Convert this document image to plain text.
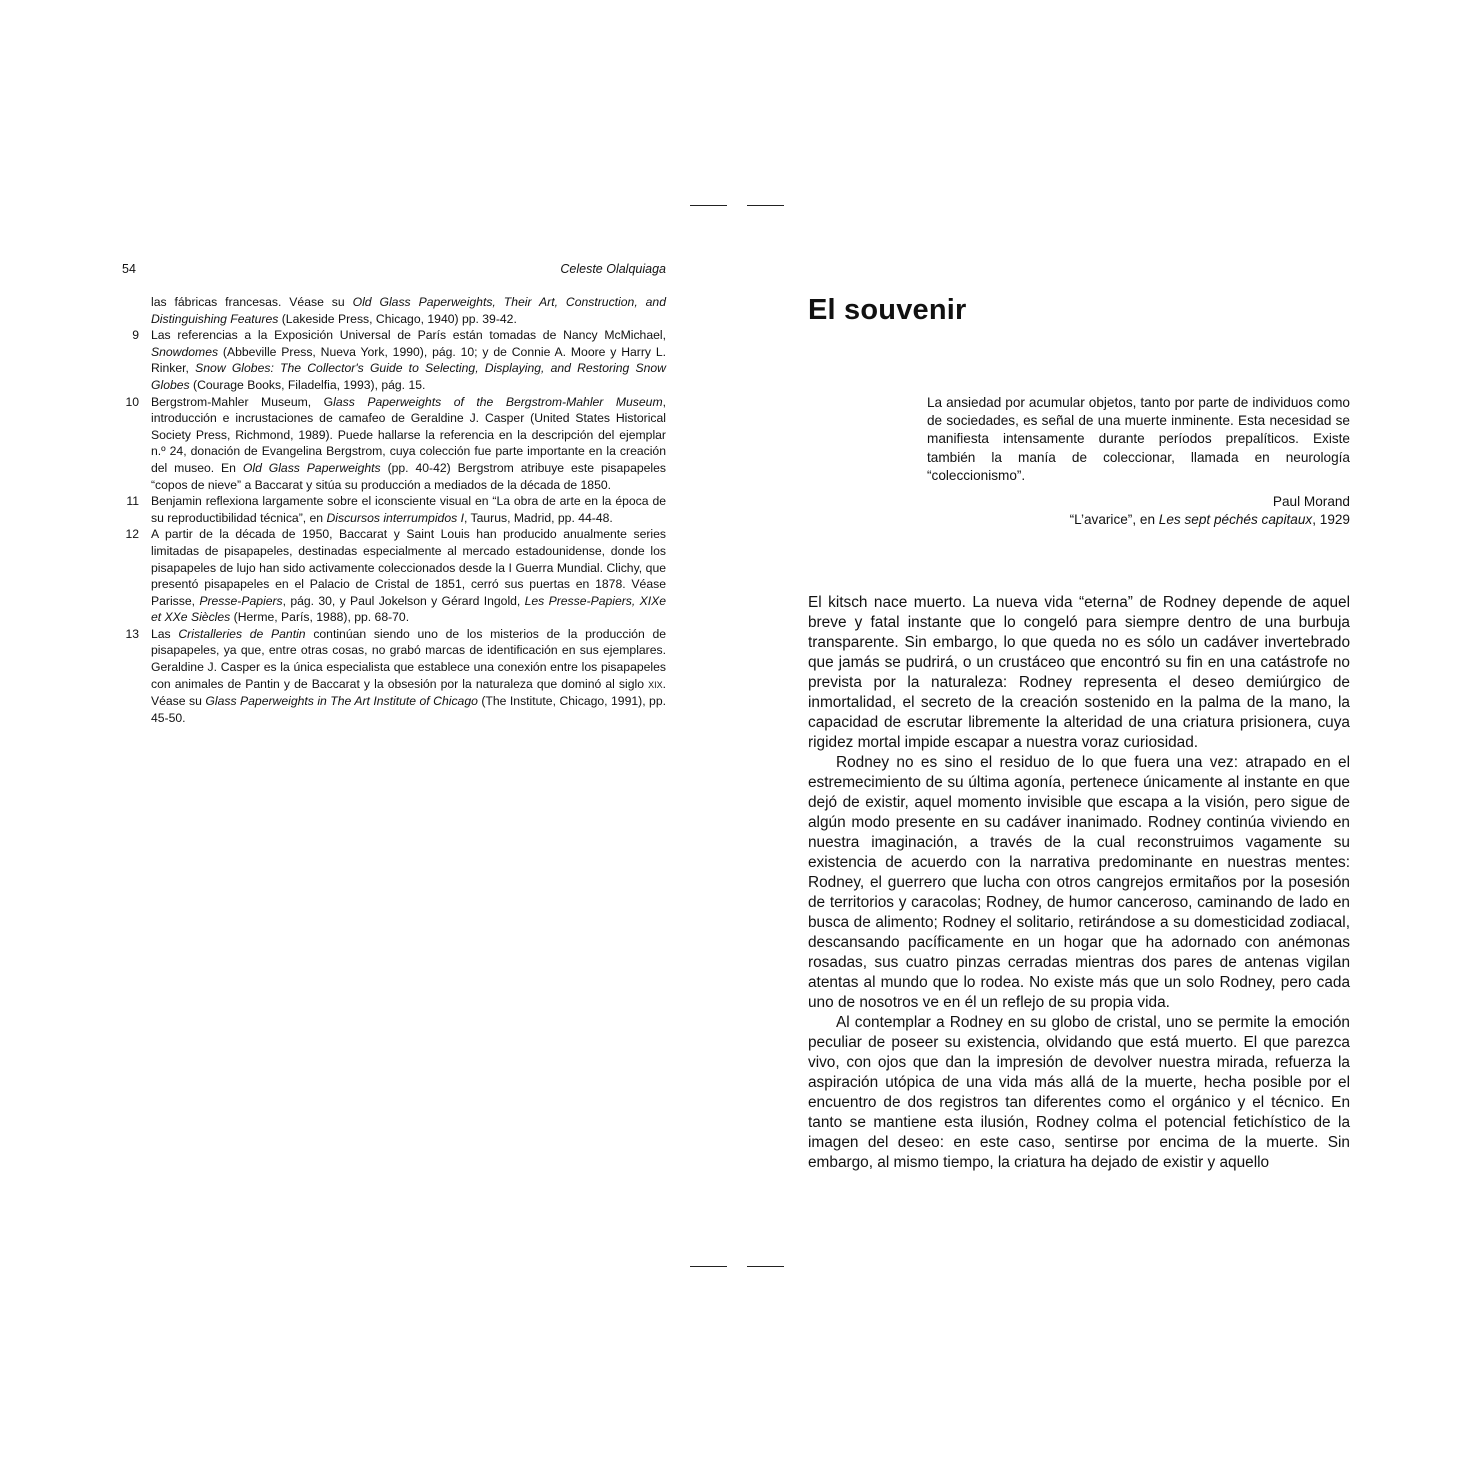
54	Celeste Olalquiaga

las fábricas francesas. Véase su Old Glass Paperweights, Their Art, Construction, and Distinguishing Features (Lakeside Press, Chicago, 1940) pp. 39-42.

9 Las referencias a la Exposición Universal de París están tomadas de Nancy McMichael, Snowdomes (Abbeville Press, Nueva York, 1990), pág. 10; y de Connie A. Moore y Harry L. Rinker, Snow Globes: The Collector's Guide to Selecting, Displaying, and Restoring Snow Globes (Courage Books, Filadelfia, 1993), pág. 15.

10 Bergstrom-Mahler Museum, Glass Paperweights of the Bergstrom-Mahler Museum, introducción e incrustaciones de camafeo de Geraldine J. Casper (United States Historical Society Press, Richmond, 1989). Puede hallarse la referencia en la descripción del ejemplar n.º 24, donación de Evangelina Bergstrom, cuya colección fue parte importante en la creación del museo. En Old Glass Paperweights (pp. 40-42) Bergstrom atribuye este pisapapeles “copos de nieve” a Baccarat y sitúa su producción a mediados de la década de 1850.

11 Benjamin reflexiona largamente sobre el iconsciente visual en “La obra de arte en la época de su reproductibilidad técnica”, en Discursos interrumpidos I, Taurus, Madrid, pp. 44-48.

12 A partir de la década de 1950, Baccarat y Saint Louis han producido anualmente series limitadas de pisapapeles, destinadas especialmente al mercado estadounidense, donde los pisapapeles de lujo han sido activamente coleccionados desde la I Guerra Mundial. Clichy, que presentó pisapapeles en el Palacio de Cristal de 1851, cerró sus puertas en 1878. Véase Parisse, Presse-Papiers, pág. 30, y Paul Jokelson y Gérard Ingold, Les Presse-Papiers, XIXe et XXe Siècles (Herme, París, 1988), pp. 68-70.

13 Las Cristalleries de Pantin continúan siendo uno de los misterios de la producción de pisapapeles, ya que, entre otras cosas, no grabó marcas de identificación en sus ejemplares. Geraldine J. Casper es la única especialista que establece una conexión entre los pisapapeles con animales de Pantin y de Baccarat y la obsesión por la naturaleza que dominó al siglo XIX. Véase su Glass Paperweights in The Art Institute of Chicago (The Institute, Chicago, 1991), pp. 45-50.

El souvenir

La ansiedad por acumular objetos, tanto por parte de individuos como de sociedades, es señal de una muerte inminente. Esta necesidad se manifiesta intensamente durante períodos prepalíticos. Existe también la manía de coleccionar, llamada en neurología “coleccionismo”.

Paul Morand
“L’avarice”, en Les sept péchés capitaux, 1929

El kitsch nace muerto. La nueva vida “eterna” de Rodney depende de aquel breve y fatal instante que lo congeló para siempre dentro de una burbuja transparente. Sin embargo, lo que queda no es sólo un cadáver invertebrado que jamás se pudrirá, o un crustáceo que encontró su fin en una catástrofe no prevista por la naturaleza: Rodney representa el deseo demiúrgico de inmortalidad, el secreto de la creación sostenido en la palma de la mano, la capacidad de escrutar libremente la alteridad de una criatura prisionera, cuya rigidez mortal impide escapar a nuestra voraz curiosidad.

Rodney no es sino el residuo de lo que fuera una vez: atrapado en el estremecimiento de su última agonía, pertenece únicamente al instante en que dejó de existir, aquel momento invisible que escapa a la visión, pero sigue de algún modo presente en su cadáver inanimado. Rodney continúa viviendo en nuestra imaginación, a través de la cual reconstruimos vagamente su existencia de acuerdo con la narrativa predominante en nuestras mentes: Rodney, el guerrero que lucha con otros cangrejos ermitaños por la posesión de territorios y caracolas; Rodney, de humor canceroso, caminando de lado en busca de alimento; Rodney el solitario, retirándose a su domesticidad zodiacal, descansando pacíficamente en un hogar que ha adornado con anémonas rosadas, sus cuatro pinzas cerradas mientras dos pares de antenas vigilan atentas al mundo que lo rodea. No existe más que un solo Rodney, pero cada uno de nosotros ve en él un reflejo de su propia vida.

Al contemplar a Rodney en su globo de cristal, uno se permite la emoción peculiar de poseer su existencia, olvidando que está muerto. El que parezca vivo, con ojos que dan la impresión de devolver nuestra mirada, refuerza la aspiración utópica de una vida más allá de la muerte, hecha posible por el encuentro de dos registros tan diferentes como el orgánico y el técnico. En tanto se mantiene esta ilusión, Rodney colma el potencial fetichístico de la imagen del deseo: en este caso, sentirse por encima de la muerte. Sin embargo, al mismo tiempo, la criatura ha dejado de existir y aquello
